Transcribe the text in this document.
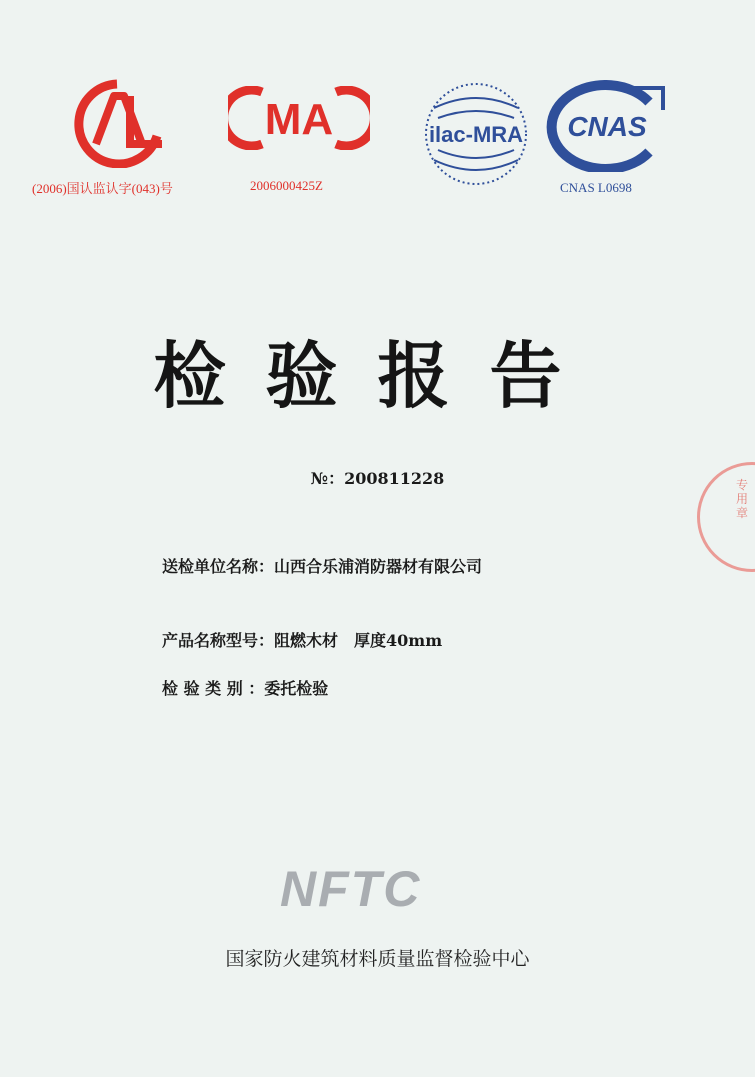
(2006)国认监认字(043)号
MA
2006000425Z
ilac-MRA CNAS
CNAS L0698
检验报告
№：200811228
送检单位名称：山西合乐浦消防器材有限公司
产品名称型号：阻燃木材　厚度40mm
检 验 类 别 ：委托检验
NFTC
国家防火建筑材料质量监督检验中心
专用章
